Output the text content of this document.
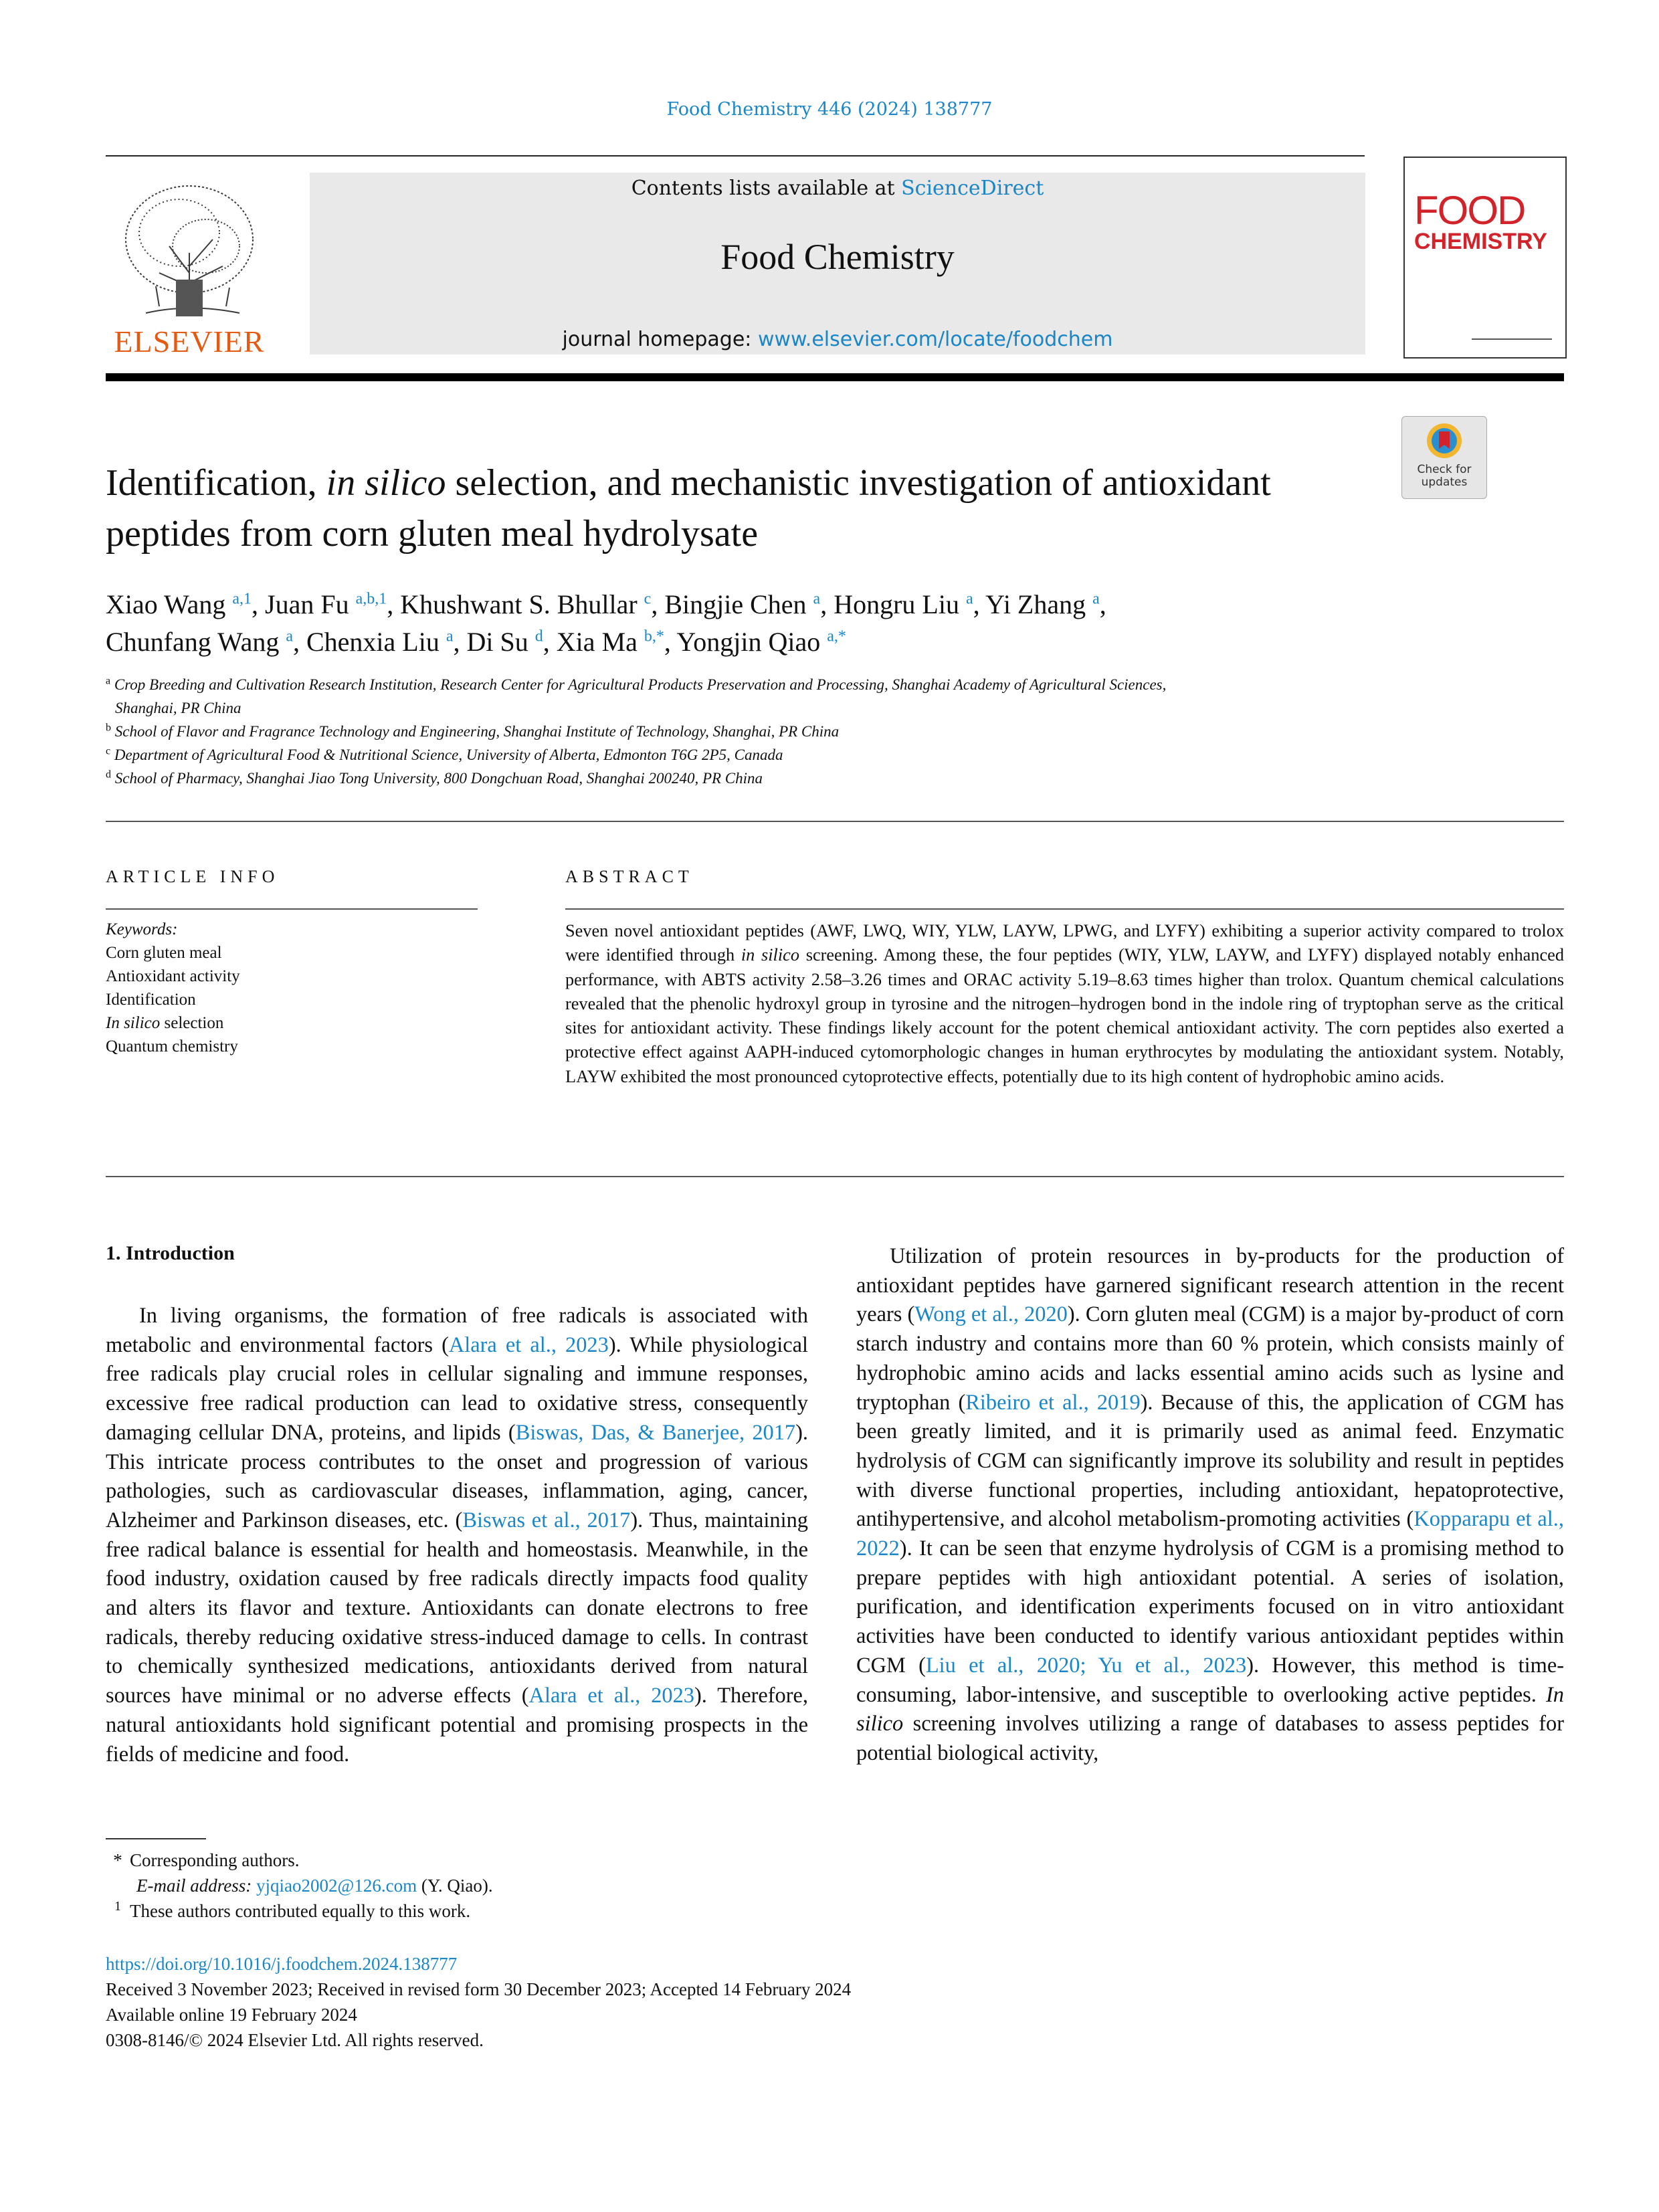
Food Chemistry 446 (2024) 138777
ELSEVIER
Contents lists available at ScienceDirect
Food Chemistry
journal homepage: www.elsevier.com/locate/foodchem
FOOD
CHEMISTRY
Check for
updates
Identification, in silico selection, and mechanistic investigation of antioxidant peptides from corn gluten meal hydrolysate
Xiao Wang $^{a,1}$, Juan Fu $^{a,b,1}$, Khushwant S. Bhullar $^c$, Bingjie Chen $^a$, Hongru Liu $^a$, Yi Zhang $^a$,
Chunfang Wang $^a$, Chenxia Liu $^a$, Di Su $^d$, Xia Ma $^{b,*}$, Yongjin Qiao $^{a,*}$
$^a$ Crop Breeding and Cultivation Research Institution, Research Center for Agricultural Products Preservation and Processing, Shanghai Academy of Agricultural Sciences,
Shanghai, PR China
$^b$ School of Flavor and Fragrance Technology and Engineering, Shanghai Institute of Technology, Shanghai, PR China
$^c$ Department of Agricultural Food & Nutritional Science, University of Alberta, Edmonton T6G 2P5, Canada
$^d$ School of Pharmacy, Shanghai Jiao Tong University, 800 Dongchuan Road, Shanghai 200240, PR China
ARTICLE INFO
Keywords:
Corn gluten meal
Antioxidant activity
Identification
In silico selection
Quantum chemistry
ABSTRACT
Seven novel antioxidant peptides (AWF, LWQ, WIY, YLW, LAYW, LPWG, and LYFY) exhibiting a superior activity compared to trolox were identified through in silico screening. Among these, the four peptides (WIY, YLW, LAYW, and LYFY) displayed notably enhanced performance, with ABTS activity 2.58–3.26 times and ORAC activity 5.19–8.63 times higher than trolox. Quantum chemical calculations revealed that the phenolic hydroxyl group in tyrosine and the nitrogen–hydrogen bond in the indole ring of tryptophan serve as the critical sites for antioxidant activity. These findings likely account for the potent chemical antioxidant activity. The corn peptides also exerted a protective effect against AAPH-induced cytomorphologic changes in human erythrocytes by modulating the antioxidant system. Notably, LAYW exhibited the most pronounced cytoprotective effects, potentially due to its high content of hydrophobic amino acids.
1. Introduction
In living organisms, the formation of free radicals is associated with metabolic and environmental factors (Alara et al., 2023). While physiological free radicals play crucial roles in cellular signaling and immune responses, excessive free radical production can lead to oxidative stress, consequently damaging cellular DNA, proteins, and lipids (Biswas, Das, & Banerjee, 2017). This intricate process contributes to the onset and progression of various pathologies, such as cardiovascular diseases, inflammation, aging, cancer, Alzheimer and Parkinson diseases, etc. (Biswas et al., 2017). Thus, maintaining free radical balance is essential for health and homeostasis. Meanwhile, in the food industry, oxidation caused by free radicals directly impacts food quality and alters its flavor and texture. Antioxidants can donate electrons to free radicals, thereby reducing oxidative stress-induced damage to cells. In contrast to chemically synthesized medications, antioxidants derived from natural sources have minimal or no adverse effects (Alara et al., 2023). Therefore, natural antioxidants hold significant potential and promising prospects in the fields of medicine and food.
Utilization of protein resources in by-products for the production of antioxidant peptides have garnered significant research attention in the recent years (Wong et al., 2020). Corn gluten meal (CGM) is a major by-product of corn starch industry and contains more than 60 % protein, which consists mainly of hydrophobic amino acids and lacks essential amino acids such as lysine and tryptophan (Ribeiro et al., 2019). Because of this, the application of CGM has been greatly limited, and it is primarily used as animal feed. Enzymatic hydrolysis of CGM can significantly improve its solubility and result in peptides with diverse functional properties, including antioxidant, hepatoprotective, antihypertensive, and alcohol metabolism-promoting activities (Kopparapu et al., 2022). It can be seen that enzyme hydrolysis of CGM is a promising method to prepare peptides with high antioxidant potential. A series of isolation, purification, and identification experiments focused on in vitro antioxidant activities have been conducted to identify various antioxidant peptides within CGM (Liu et al., 2020; Yu et al., 2023). However, this method is time-consuming, labor-intensive, and susceptible to overlooking active peptides. In silico screening involves utilizing a range of databases to assess peptides for potential biological activity,
* Corresponding authors.
E-mail address: yjqiao2002@126.com (Y. Qiao).
1 These authors contributed equally to this work.
https://doi.org/10.1016/j.foodchem.2024.138777
Received 3 November 2023; Received in revised form 30 December 2023; Accepted 14 February 2024
Available online 19 February 2024
0308-8146/© 2024 Elsevier Ltd. All rights reserved.
